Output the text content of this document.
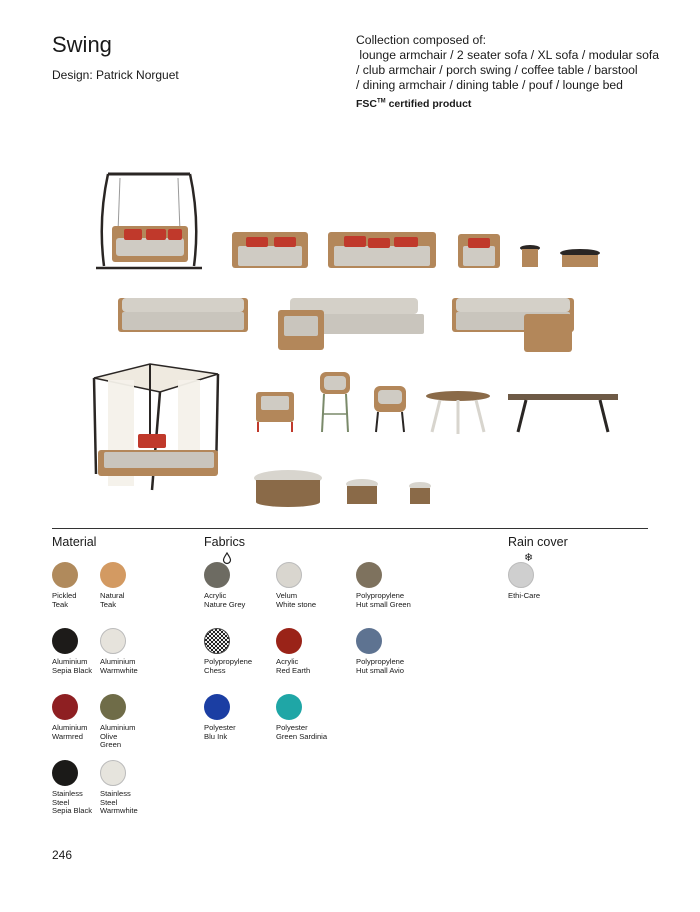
Swing
Design: Patrick Norguet
Collection composed of:
lounge armchair / 2 seater sofa / XL sofa / modular sofa
/ club armchair / porch swing / coffee table / barstool
/ dining armchair / dining table / pouf / lounge bed
FSC™ certified product
Material	Fabrics	Rain cover
❄
Pickled
Teak
Natural
Teak
Aluminium
Sepia Black
Aluminium
Warmwhite
Aluminium
Warmred
Aluminium
Olive
Green
Stainless
Steel
Sepia Black
Stainless
Steel
Warmwhite
Acrylic
Nature Grey
Velum
White stone
Polypropylene
Hut small Green
Polypropylene
Chess
Acrylic
Red Earth
Polypropylene
Hut small Avio
Polyester
Blu Ink
Polyester
Green Sardinia
Ethi-Care
246
